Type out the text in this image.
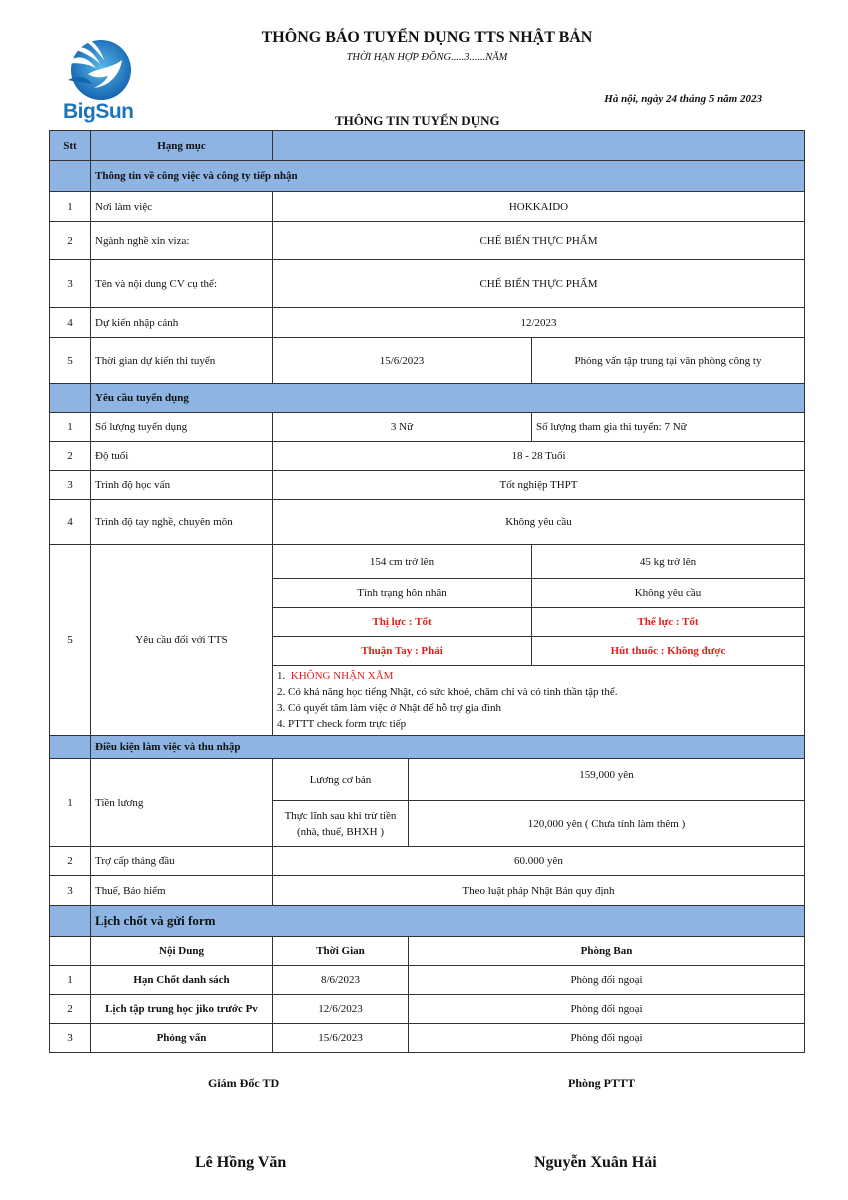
BigSun
THÔNG BÁO TUYỂN DỤNG TTS NHẬT BẢN
THỜI HẠN HỢP ĐỒNG.....3......NĂM
Hà nội, ngày 24 tháng 5 năm 2023
THÔNG TIN TUYỂN DỤNG
Stt	Hạng mục			
	Thông tin về công việc và công ty tiếp nhận			
1	Nơi làm việc	HOKKAIDO		
2	Ngành nghề xin viza:	CHẾ BIẾN THỰC PHẨM		
3	Tên và nội dung CV cụ thể:	CHẾ BIẾN THỰC PHẨM		
4	Dự kiến nhập cảnh	12/2023		
5	Thời gian dự kiến thi tuyển	15/6/2023		Phỏng vấn tập trung tại văn phòng công ty
	Yêu cầu tuyển dụng			
1	Số lượng tuyển dụng	3 Nữ		Số lượng tham gia thi tuyển: 7 Nữ
2	Độ tuổi	18 - 28 Tuổi		
3	Trình độ học vấn	Tốt nghiệp THPT		
4	Trình độ tay nghề, chuyên môn	Không yêu cầu		
5	Yêu cầu đối với TTS	154 cm trở lên		45 kg trở lên
		Tình trạng hôn nhân		Không yêu cầu
		Thị lực : Tốt		Thể lực : Tốt
		Thuận Tay : Phải		Hút thuốc : Không được

		1. KHÔNG NHẬN XĂM
2. Có khả năng học tiếng Nhật, có sức khoẻ, chăm chỉ và có tinh thần tập thể.
3. Có quyết tâm làm việc ở Nhật để hỗ trợ gia đình
4. PTTT check form trực tiếp		

	Điều kiện làm việc và thu nhập			
1	Tiền lương	Lương cơ bản	159,000 yên	
		Thực lĩnh sau khi trừ tiền (nhà, thuế, BHXH )	120,000 yên ( Chưa tính làm thêm )	
2	Trợ cấp tháng đầu	60.000 yên		
3	Thuế, Bảo hiểm	Theo luật pháp Nhật Bản quy định		
	Lịch chốt và gửi form			
	Nội Dung	Thời Gian	Phòng Ban	
1	Hạn Chốt danh sách	8/6/2023	Phòng đối ngoại	
2	Lịch tập trung học jiko trước Pv	12/6/2023	Phòng đối ngoại	
3	Phỏng vấn	15/6/2023	Phòng đối ngoại	
Giám Đốc TD	Phòng PTTT
Lê Hồng Văn	Nguyễn Xuân Hải
